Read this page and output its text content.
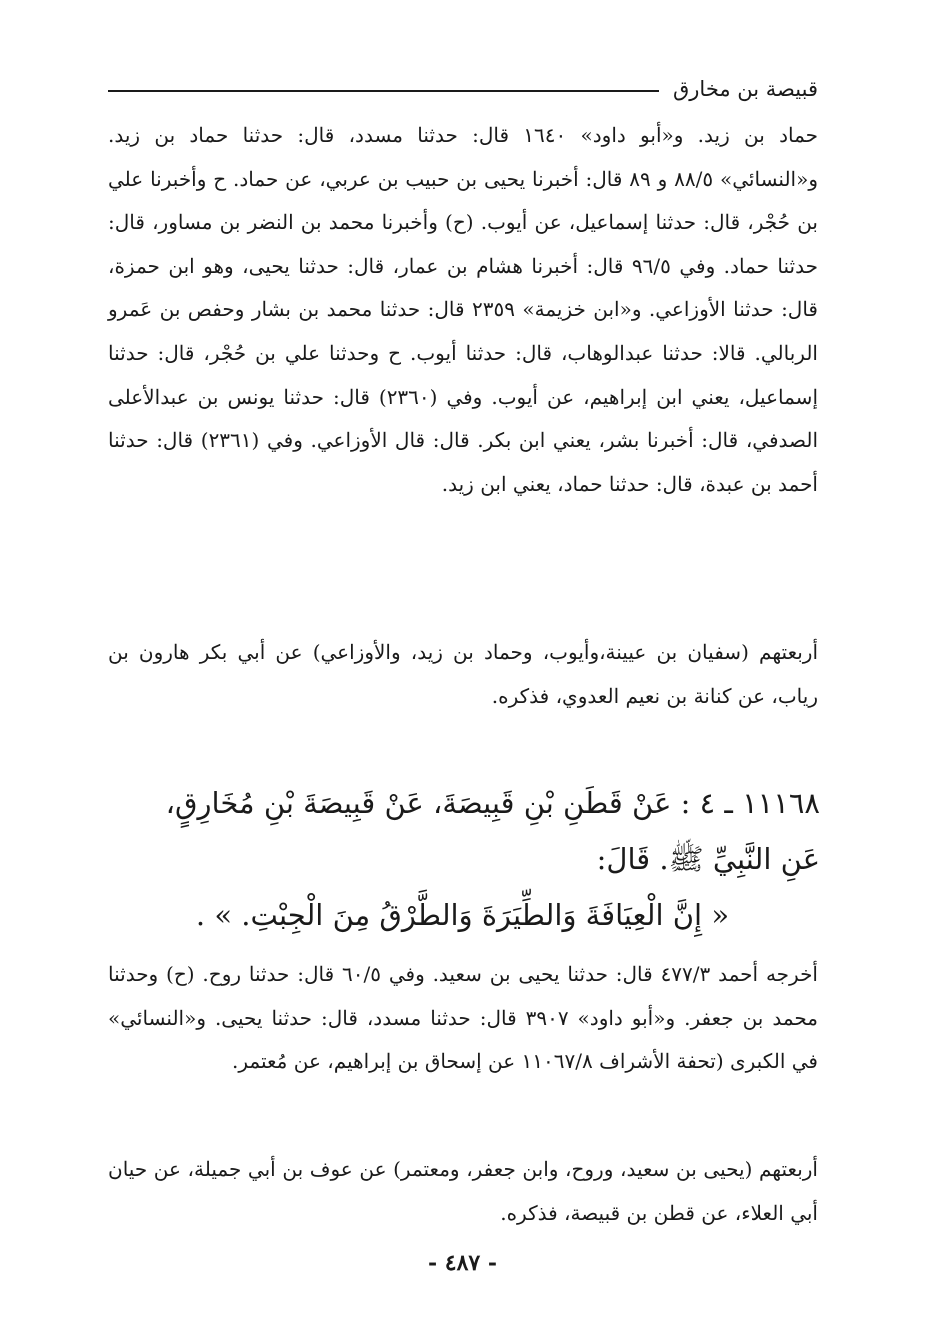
قبيصة بن مخارق
حماد بن زيد. و«أبو داود» ١٦٤٠ قال: حدثنا مسدد، قال: حدثنا حماد بن زيد. و«النسائي» ٨٨/٥ و ٨٩ قال: أخبرنا يحيى بن حبيب بن عربي، عن حماد. ح وأخبرنا علي بن حُجْر، قال: حدثنا إسماعيل، عن أيوب. (ح) وأخبرنا محمد بن النضر بن مساور، قال: حدثنا حماد. وفي ٩٦/٥ قال: أخبرنا هشام بن عمار، قال: حدثنا يحيى، وهو ابن حمزة، قال: حدثنا الأوزاعي. و«ابن خزيمة» ٢٣٥٩ قال: حدثنا محمد بن بشار وحفص بن عَمرو الربالي. قالا: حدثنا عبدالوهاب، قال: حدثنا أيوب. ح وحدثنا علي بن حُجْر، قال: حدثنا إسماعيل، يعني ابن إبراهيم، عن أيوب. وفي (٢٣٦٠) قال: حدثنا يونس بن عبدالأعلى الصدفي، قال: أخبرنا بشر، يعني ابن بكر. قال: قال الأوزاعي. وفي (٢٣٦١) قال: حدثنا أحمد بن عبدة، قال: حدثنا حماد، يعني ابن زيد.
أربعتهم (سفيان بن عيينة،وأيوب، وحماد بن زيد، والأوزاعي) عن أبي بكر هارون بن رياب، عن كنانة بن نعيم العدوي، فذكره.
١١١٦٨ ـ ٤ : عَنْ قَطَنِ بْنِ قَبِيصَةَ، عَنْ قَبِيصَةَ بْنِ مُخَارِقٍ،
عَنِ النَّبِيِّ ﷺ. قَالَ:
« إِنَّ الْعِيَافَةَ وَالطِّيَرَةَ وَالطَّرْقُ مِنَ الْجِبْتِ. » .
أخرجه أحمد ٤٧٧/٣ قال: حدثنا يحيى بن سعيد. وفي ٦٠/٥ قال: حدثنا روح. (ح) وحدثنا محمد بن جعفر. و«أبو داود» ٣٩٠٧ قال: حدثنا مسدد، قال: حدثنا يحيى. و«النسائي» في الكبرى (تحفة الأشراف ١١٠٦٧/٨ عن إسحاق بن إبراهيم، عن مُعتمر.
أربعتهم (يحيى بن سعيد، وروح، وابن جعفر، ومعتمر) عن عوف بن أبي جميلة، عن حيان أبي العلاء، عن قطن بن قبيصة، فذكره.
- ٤٨٧ -
